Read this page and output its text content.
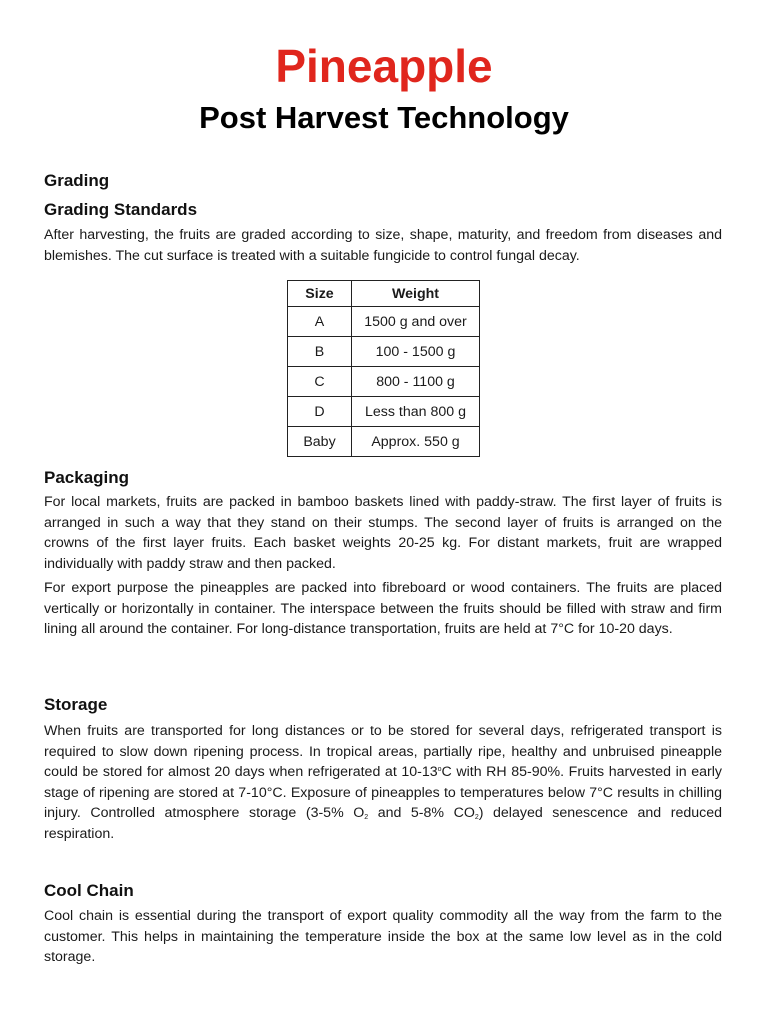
Pineapple
Post Harvest Technology
Grading
Grading Standards

After harvesting, the fruits are graded according to size, shape, maturity, and freedom from diseases and blemishes. The cut surface is treated with a suitable fungicide to control fungal decay.

Size	Weight
A	1500 g and over
B	100 - 1500 g
C	800 - 1100 g
D	Less than 800 g
Baby	Approx. 550 g
Packaging

For local markets, fruits are packed in bamboo baskets lined with paddy-straw. The first layer of fruits is arranged in such a way that they stand on their stumps. The second layer of fruits is arranged on the crowns of the first layer fruits. Each basket weights 20-25 kg. For distant markets, fruit are wrapped individually with paddy straw and then packed.

For export purpose the pineapples are packed into fibreboard or wood containers. The fruits are placed vertically or horizontally in container. The interspace between the fruits should be filled with straw and firm lining all around the container. For long-distance transportation, fruits are held at 7°C for 10-20 days.

Storage

When fruits are transported for long distances or to be stored for several days, refrigerated transport is required to slow down ripening process. In tropical areas, partially ripe, healthy and unbruised pineapple could be stored for almost 20 days when refrigerated at 10-13$^o$C with RH 85-90%. Fruits harvested in early stage of ripening are stored at 7-10°C. Exposure of pineapples to temperatures below 7°C results in chilling injury. Controlled atmosphere storage (3-5% $O_2$ and 5-8% $CO_2$) delayed senescence and reduced respiration.

Cool Chain

Cool chain is essential during the transport of export quality commodity all the way from the farm to the customer. This helps in maintaining the temperature inside the box at the same low level as in the cold storage.
